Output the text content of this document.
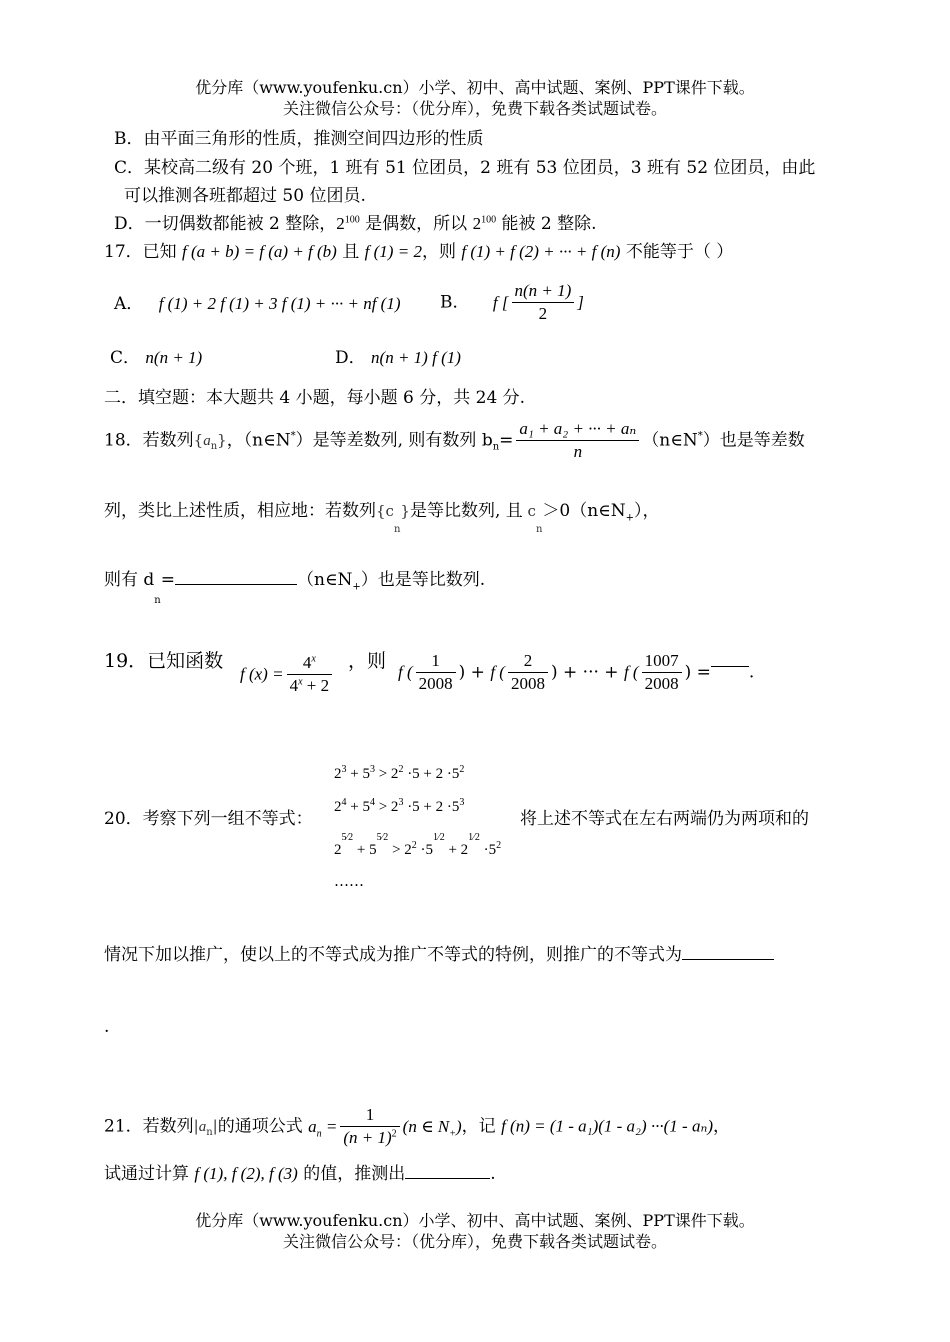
优分库（www.youfenku.cn）小学、初中、高中试题、案例、PPT课件下载。
关注微信公众号：（优分库），免费下载各类试题试卷。
B．由平面三角形的性质，推测空间四边形的性质
C．某校高二级有 20 个班，1 班有 51 位团员，2 班有 53 位团员，3 班有 52 位团员，由此
可以推测各班都超过 50 位团员.
D．一切偶数都能被 2 整除，$2^{100}$ 是偶数，所以 $2^{100}$ 能被 2 整除.
17．已知 f (a + b) = f (a) + f (b) 且 f (1) = 2，则 f (1) + f (2) + ··· + f (n) 不能等于（ ）
A． f (1) + 2 f (1) + 3 f (1) + ··· + nf (1) B． f [ $\frac{n(n + 1)}{2}$ ]
C． n(n + 1)	D． n(n + 1) f (1)
二．填空题：本大题共 4 小题，每小题 6 分，共 24 分.
18．若数列$\{a_n\}$，（n∈N*）是等差数列, 则有数列 $b_n= \frac{\text{a₁ + a₂ + ··· + aₙ}}{n}$ （n∈N*）也是等差数
列，类比上述性质，相应地：若数列$\{c_n\}$是等比数列, 且 $c_n>0(n\in N_+)$，
则有 $d_n=$	$(n\in N_+)$也是等比数列.
19．已知函数
f $(x) = \frac{4^x}{4^x + 2}$ ，则 f ( $\frac{1}{2008}$ ) + f ( $\frac{2}{2008}$ ) + ··· + f ( $\frac{1007}{2008}$ ) = .
$2^3 + 5^3 > 2^2 \cdot 5 + 2 \cdot 5^2$
$2^4 + 5^4 > 2^3 \cdot 5 + 2 \cdot 5^3$
20．考察下列一组不等式：	将上述不等式在左右两端仍为两项和的
$2^{5⁄2} + 5^{5⁄2} > 2^2 \cdot 5^{1⁄2} + 2^{1⁄2} \cdot 5^2$
……
情况下加以推广，使以上的不等式成为推广不等式的特例，则推广的不等式为
.
21．若数列$|a_n|$的通项公式 $a_n = \frac{1}{(n + 1)^2} (n$ ∈ $N_+$)，记 f (n) = (1 - a₁)(1 - a₂) ···(1 - aₙ)，
试通过计算 f (1), f (2), f (3) 的值，推测出	.
优分库（www.youfenku.cn）小学、初中、高中试题、案例、PPT课件下载。
关注微信公众号：（优分库），免费下载各类试题试卷。
